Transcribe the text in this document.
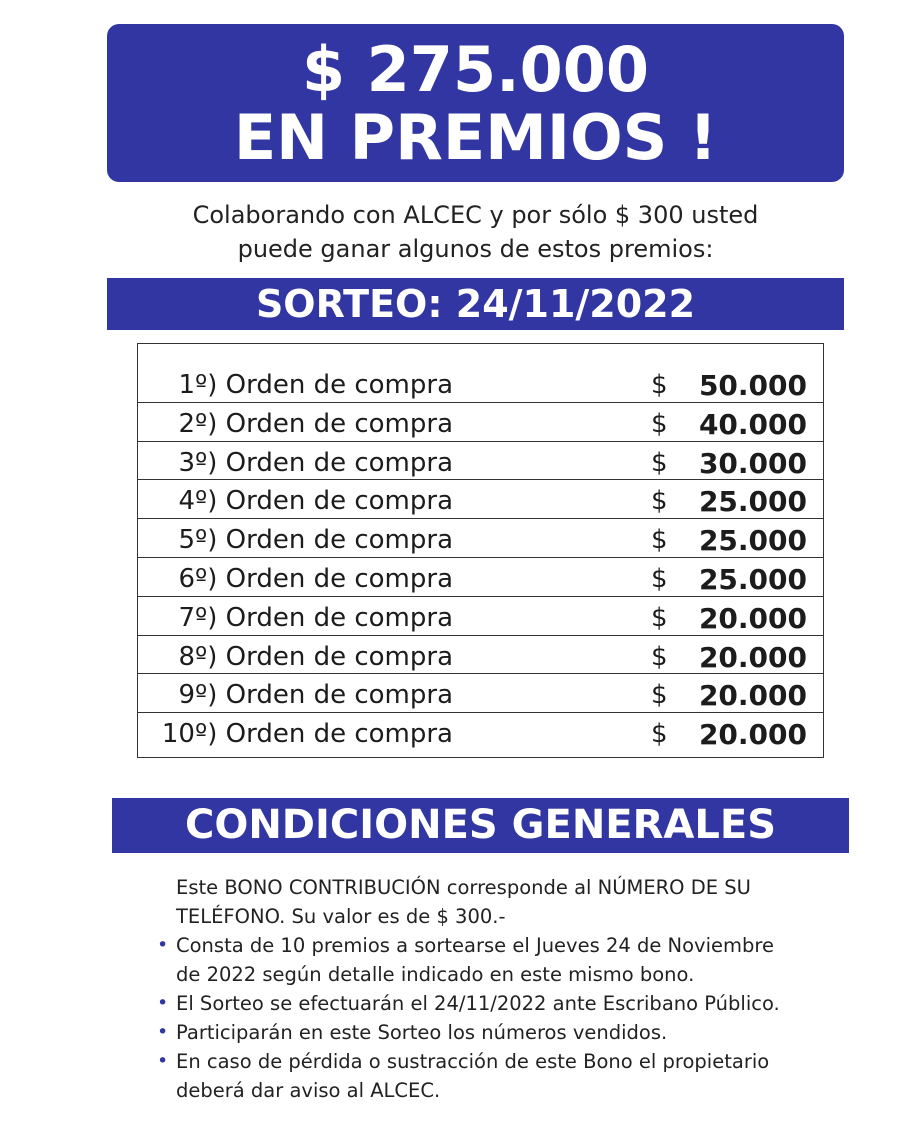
$ 275.000
EN PREMIOS !
Colaborando con ALCEC y por sólo $ 300 usted
puede ganar algunos de estos premios:
SORTEO: 24/11/2022
1º) Orden de compra	$ 50.000
2º) Orden de compra	$ 40.000
3º) Orden de compra	$ 30.000
4º) Orden de compra	$ 25.000
5º) Orden de compra	$ 25.000
6º) Orden de compra	$ 25.000
7º) Orden de compra	$ 20.000
8º) Orden de compra	$ 20.000
9º) Orden de compra	$ 20.000
10º) Orden de compra	$ 20.000
CONDICIONES GENERALES
Este BONO CONTRIBUCIÓN corresponde al NÚMERO DE SU
TELÉFONO. Su valor es de $ 300.-
• Consta de 10 premios a sortearse el Jueves 24 de Noviembre
de 2022 según detalle indicado en este mismo bono.
• El Sorteo se efectuarán el 24/11/2022 ante Escribano Público.
• Participarán en este Sorteo los números vendidos.
• En caso de pérdida o sustracción de este Bono el propietario
deberá dar aviso al ALCEC.
